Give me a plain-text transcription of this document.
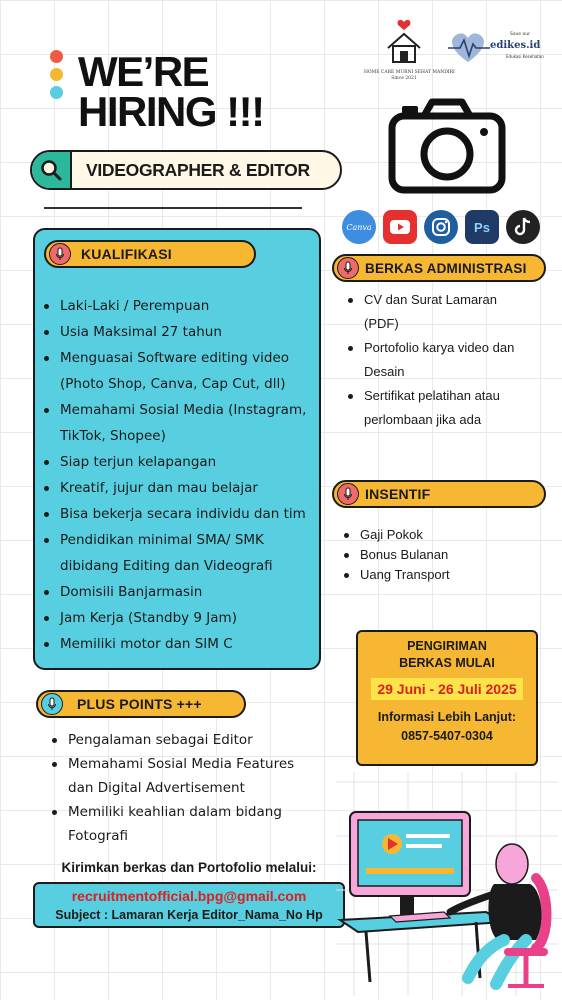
WE’RE
HIRING !!!
VIDEOGRAPHER & EDITOR
HOME CARE MURNI SEHAT MANDIRI
Since 2021
Save our
edikes.id
Edukasi Kesehatan
Canva	Ps
KUALIFIKASI
Laki-Laki / Perempuan
Usia Maksimal 27 tahun
Menguasai Software editing video
(Photo Shop, Canva, Cap Cut, dll)
Memahami Sosial Media (Instagram,
TikTok, Shopee)
Siap terjun kelapangan
Kreatif, jujur dan mau belajar
Bisa bekerja secara individu dan tim
Pendidikan minimal SMA/ SMK
dibidang Editing dan Videografi
Domisili Banjarmasin
Jam Kerja (Standby 9 Jam)
Memiliki motor dan SIM C
BERKAS ADMINISTRASI
CV dan Surat Lamaran
(PDF)
Portofolio karya video dan
Desain
Sertifikat pelatihan atau
perlombaan jika ada
INSENTIF
Gaji Pokok
Bonus Bulanan
Uang Transport
PENGIRIMAN
BERKAS MULAI
29 Juni - 26 Juli 2025
Informasi Lebih Lanjut:
0857-5407-0304
PLUS POINTS +++
Pengalaman sebagai Editor
Memahami Sosial Media Features
dan Digital Advertisement
Memiliki keahlian dalam bidang
Fotografi
Kirimkan berkas dan Portofolio melalui:
recruitmentofficial.bpg@gmail.com
Subject : Lamaran Kerja Editor_Nama_No Hp
